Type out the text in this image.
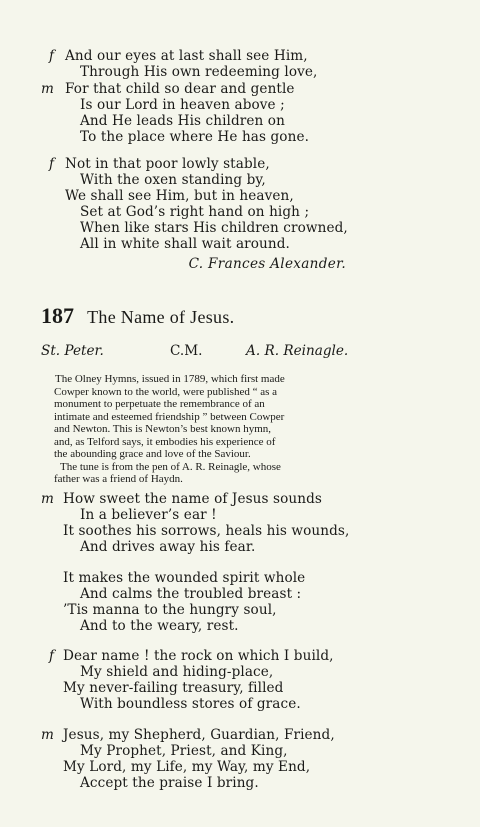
f And our eyes at last shall see Him,
Through His own redeeming love,
m For that child so dear and gentle
Is our Lord in heaven above ;
And He leads His children on
To the place where He has gone.
f Not in that poor lowly stable,
With the oxen standing by,
We shall see Him, but in heaven,
Set at God’s right hand on high ;
When like stars His children crowned,
All in white shall wait around.
C. Frances Alexander.
187 The Name of Jesus.
St. Peter.	C.M.	A. R. Reinagle.
The Olney Hymns, issued in 1789, which first made
Cowper known to the world, were published “ as a
monument to perpetuate the remembrance of an
intimate and esteemed friendship ” between Cowper
and Newton. This is Newton’s best known hymn,
and, as Telford says, it embodies his experience of
the abounding grace and love of the Saviour.
The tune is from the pen of A. R. Reinagle, whose
father was a friend of Haydn.
m How sweet the name of Jesus sounds
In a believer’s ear !
It soothes his sorrows, heals his wounds,
And drives away his fear.
It makes the wounded spirit whole
And calms the troubled breast :
’Tis manna to the hungry soul,
And to the weary, rest.
f Dear name ! the rock on which I build,
My shield and hiding-place,
My never-failing treasury, filled
With boundless stores of grace.
m Jesus, my Shepherd, Guardian, Friend,
My Prophet, Priest, and King,
My Lord, my Life, my Way, my End,
Accept the praise I bring.
